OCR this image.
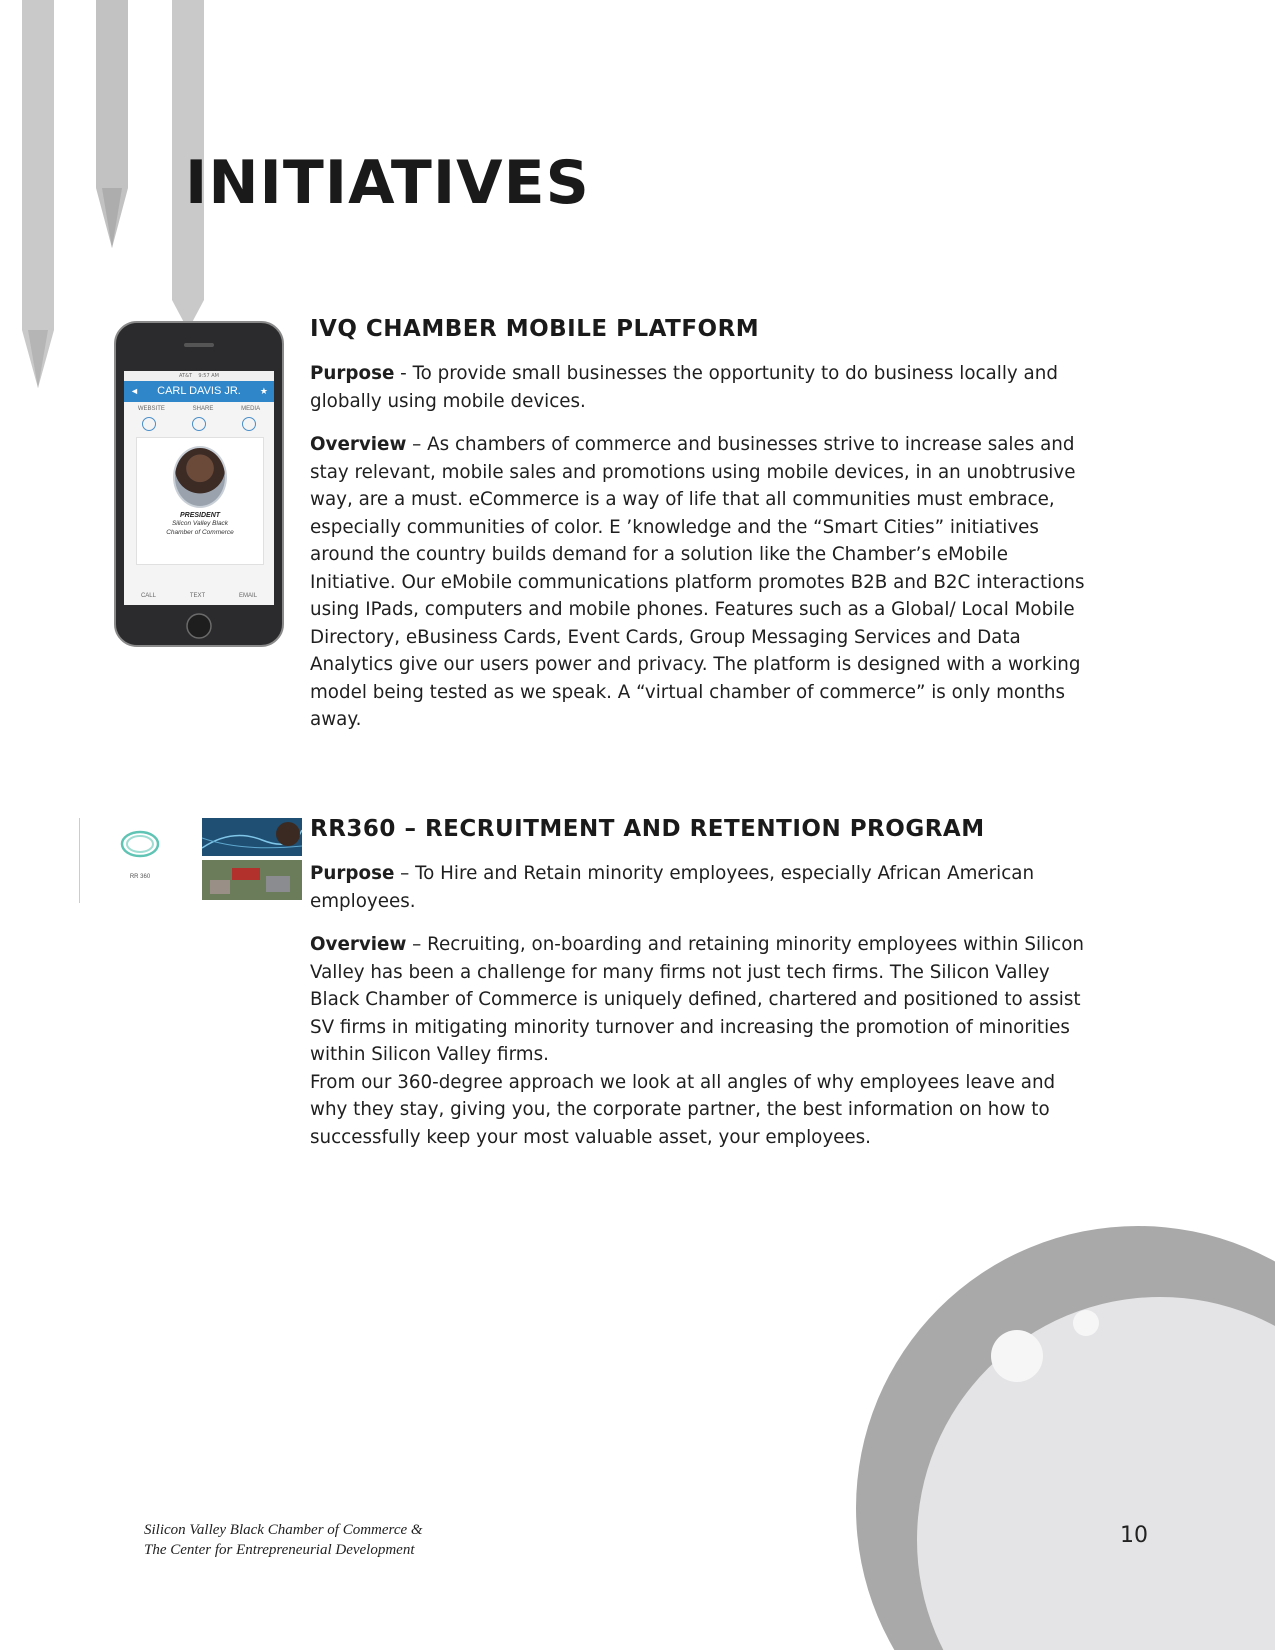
INITIATIVES
AT&T 9:57 AM
◄ CARL DAVIS JR. ★
WEBSITE	SHARE	MEDIA
PRESIDENT
Silicon Valley Black
Chamber of Commerce
CALL	TEXT	EMAIL
IVQ CHAMBER MOBILE PLATFORM

Purpose - To provide small businesses the opportunity to do business locally and globally using mobile devices.

Overview – As chambers of commerce and businesses strive to increase sales and stay relevant, mobile sales and promotions using mobile devices, in an unobtrusive way, are a must. eCommerce is a way of life that all communities must embrace, especially communities of color. E ’knowledge and the “Smart Cities” initiatives around the country builds demand for a solution like the Chamber’s eMobile Initiative. Our eMobile communications platform promotes B2B and B2C interactions using IPads, computers and mobile phones. Features such as a Global/ Local Mobile Directory, eBusiness Cards, Event Cards, Group Messaging Services and Data Analytics give our users power and privacy. The platform is designed with a working model being tested as we speak. A “virtual chamber of commerce” is only months away.

RR 360
RR360 – RECRUITMENT AND RETENTION PROGRAM

Purpose – To Hire and Retain minority employees, especially African American employees.

Overview – Recruiting, on-boarding and retaining minority employees within Silicon Valley has been a challenge for many firms not just tech firms. The Silicon Valley Black Chamber of Commerce is uniquely defined, chartered and positioned to assist SV firms in mitigating minority turnover and increasing the promotion of minorities within Silicon Valley firms.

From our 360-degree approach we look at all angles of why employees leave and why they stay, giving you, the corporate partner, the best information on how to successfully keep your most valuable asset, your employees.

Silicon Valley Black Chamber of Commerce &
The Center for Entrepreneurial Development
10
